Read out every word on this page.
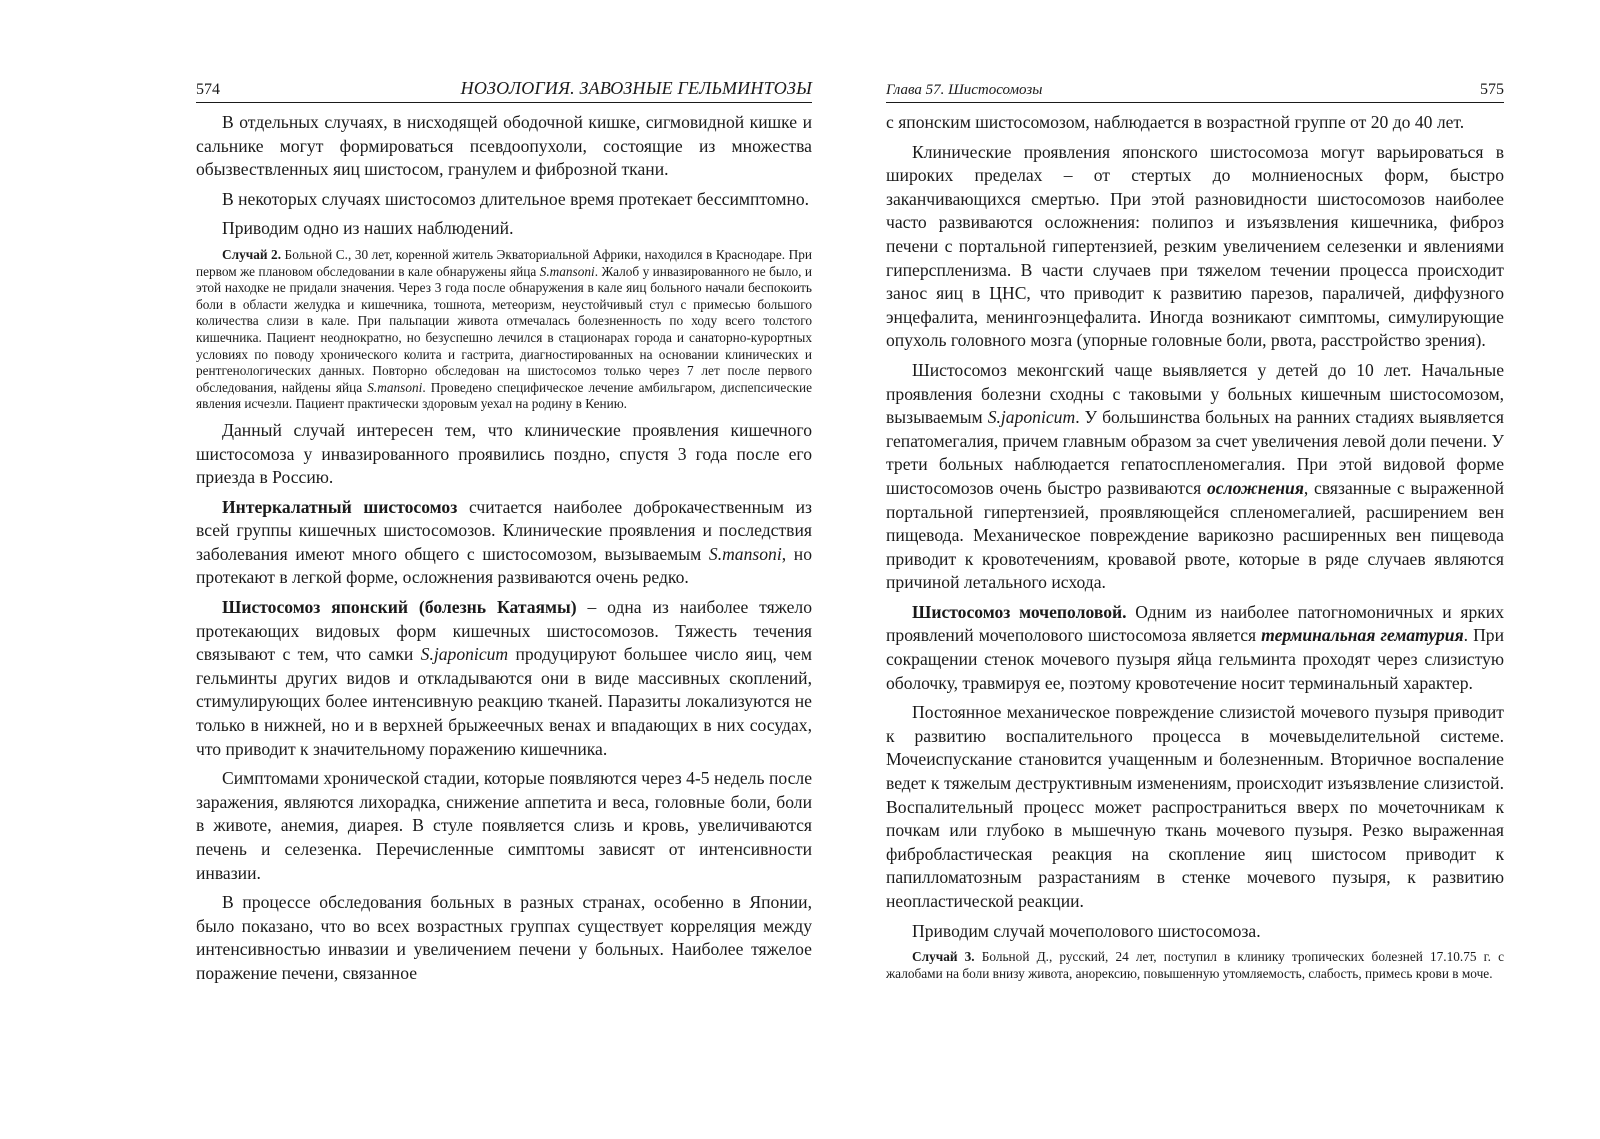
574	НОЗОЛОГИЯ. ЗАВОЗНЫЕ ГЕЛЬМИНТОЗЫ

В отдельных случаях, в нисходящей ободочной кишке, сигмовидной кишке и сальнике могут формироваться псевдоопухоли, состоящие из множества обызвествленных яиц шистосом, гранулем и фиброзной ткани.

В некоторых случаях шистосомоз длительное время протекает бессимптомно.

Приводим одно из наших наблюдений.

Случай 2. Больной С., 30 лет, коренной житель Экваториальной Африки, находился в Краснодаре. При первом же плановом обследовании в кале обнаружены яйца S.mansoni. Жалоб у инвазированного не было, и этой находке не придали значения. Через 3 года после обнаружения в кале яиц больного начали беспокоить боли в области желудка и кишечника, тошнота, метеоризм, неустойчивый стул с примесью большого количества слизи в кале. При пальпации живота отмечалась болезненность по ходу всего толстого кишечника. Пациент неоднократно, но безуспешно лечился в стационарах города и санаторно-курортных условиях по поводу хронического колита и гастрита, диагностированных на основании клинических и рентгенологических данных. Повторно обследован на шистосомоз только через 7 лет после первого обследования, найдены яйца S.mansoni. Проведено специфическое лечение амбильгаром, диспепсические явления исчезли. Пациент практически здоровым уехал на родину в Кению.

Данный случай интересен тем, что клинические проявления кишечного шистосомоза у инвазированного проявились поздно, спустя 3 года после его приезда в Россию.

Интеркалатный шистосомоз считается наиболее доброкачественным из всей группы кишечных шистосомозов. Клинические проявления и последствия заболевания имеют много общего с шистосомозом, вызываемым S.mansoni, но протекают в легкой форме, осложнения развиваются очень редко.

Шистосомоз японский (болезнь Катаямы) – одна из наиболее тяжело протекающих видовых форм кишечных шистосомозов. Тяжесть течения связывают с тем, что самки S.japonicum продуцируют большее число яиц, чем гельминты других видов и откладываются они в виде массивных скоплений, стимулирующих более интенсивную реакцию тканей. Паразиты локализуются не только в нижней, но и в верхней брыжеечных венах и впадающих в них сосудах, что приводит к значительному поражению кишечника.

Симптомами хронической стадии, которые появляются через 4-5 недель после заражения, являются лихорадка, снижение аппетита и веса, головные боли, боли в животе, анемия, диарея. В стуле появляется слизь и кровь, увеличиваются печень и селезенка. Перечисленные симптомы зависят от интенсивности инвазии.

В процессе обследования больных в разных странах, особенно в Японии, было показано, что во всех возрастных группах существует корреляция между интенсивностью инвазии и увеличением печени у больных. Наиболее тяжелое поражение печени, связанное

Глава 57. Шистосомозы	575

с японским шистосомозом, наблюдается в возрастной группе от 20 до 40 лет.

Клинические проявления японского шистосомоза могут варьироваться в широких пределах – от стертых до молниеносных форм, быстро заканчивающихся смертью. При этой разновидности шистосомозов наиболее часто развиваются осложнения: полипоз и изъязвления кишечника, фиброз печени с портальной гипертензией, резким увеличением селезенки и явлениями гиперспленизма. В части случаев при тяжелом течении процесса происходит занос яиц в ЦНС, что приводит к развитию парезов, параличей, диффузного энцефалита, менингоэнцефалита. Иногда возникают симптомы, симулирующие опухоль головного мозга (упорные головные боли, рвота, расстройство зрения).

Шистосомоз меконгский чаще выявляется у детей до 10 лет. Начальные проявления болезни сходны с таковыми у больных кишечным шистосомозом, вызываемым S.japonicum. У большинства больных на ранних стадиях выявляется гепатомегалия, причем главным образом за счет увеличения левой доли печени. У трети больных наблюдается гепатоспленомегалия. При этой видовой форме шистосомозов очень быстро развиваются осложнения, связанные с выраженной портальной гипертензией, проявляющейся спленомегалией, расширением вен пищевода. Механическое повреждение варикозно расширенных вен пищевода приводит к кровотечениям, кровавой рвоте, которые в ряде случаев являются причиной летального исхода.

Шистосомоз мочеполовой. Одним из наиболее патогномоничных и ярких проявлений мочеполового шистосомоза является терминальная гематурия. При сокращении стенок мочевого пузыря яйца гельминта проходят через слизистую оболочку, травмируя ее, поэтому кровотечение носит терминальный характер.

Постоянное механическое повреждение слизистой мочевого пузыря приводит к развитию воспалительного процесса в мочевыделительной системе. Мочеиспускание становится учащенным и болезненным. Вторичное воспаление ведет к тяжелым деструктивным изменениям, происходит изъязвление слизистой. Воспалительный процесс может распространиться вверх по мочеточникам к почкам или глубоко в мышечную ткань мочевого пузыря. Резко выраженная фибробластическая реакция на скопление яиц шистосом приводит к папилломатозным разрастаниям в стенке мочевого пузыря, к развитию неопластической реакции.

Приводим случай мочеполового шистосомоза.

Случай 3. Больной Д., русский, 24 лет, поступил в клинику тропических болезней 17.10.75 г. с жалобами на боли внизу живота, анорексию, повышенную утомляемость, слабость, примесь крови в моче.
